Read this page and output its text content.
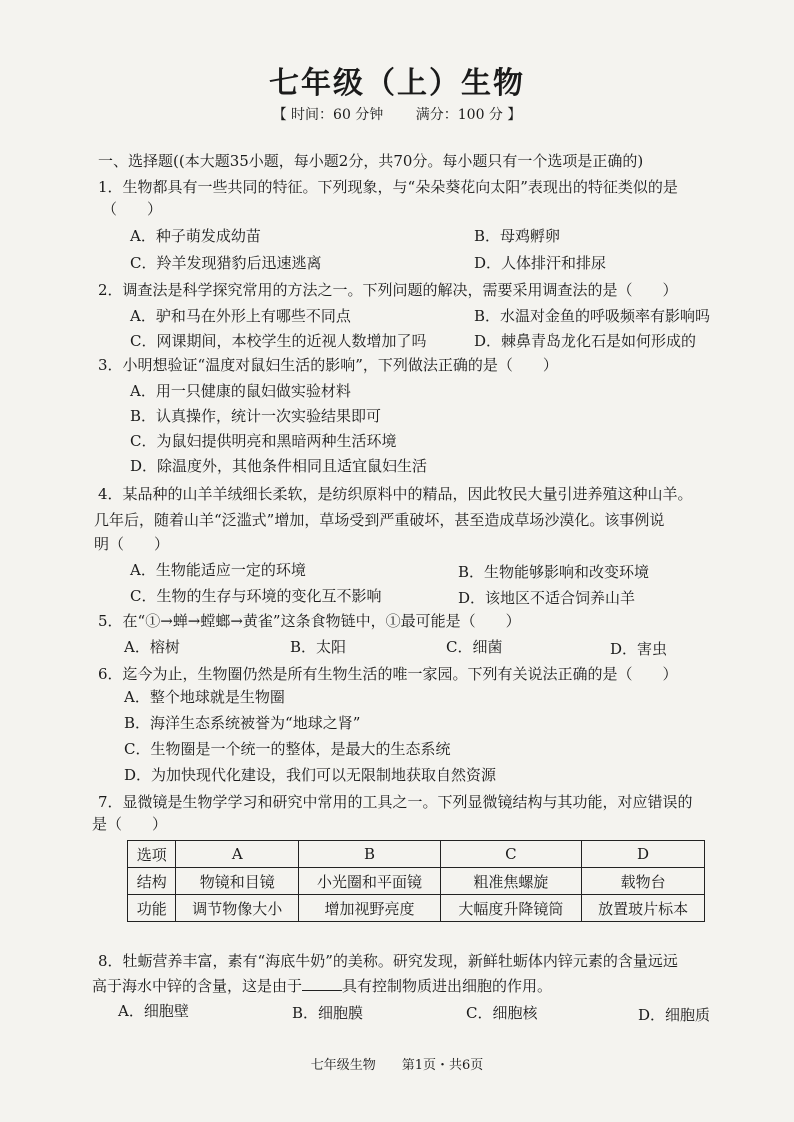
七年级（上）生物
【 时间：60 分钟 满分：100 分 】
一、选择题((本大题35小题，每小题2分，共70分。每小题只有一个选项是正确的)
1．生物都具有一些共同的特征。下列现象，与“朵朵葵花向太阳”表现出的特征类似的是
（　　）
A．种子萌发成幼苗	B．母鸡孵卵
C．羚羊发现猎豹后迅速逃离	D．人体排汗和排尿
2．调查法是科学探究常用的方法之一。下列问题的解决，需要采用调查法的是（　　）
A．驴和马在外形上有哪些不同点	B．水温对金鱼的呼吸频率有影响吗
C．网课期间，本校学生的近视人数增加了吗	D．棘鼻青岛龙化石是如何形成的
3．小明想验证“温度对鼠妇生活的影响”，下列做法正确的是（　　）
A．用一只健康的鼠妇做实验材料
B．认真操作，统计一次实验结果即可
C．为鼠妇提供明亮和黑暗两种生活环境
D．除温度外，其他条件相同且适宜鼠妇生活
4．某品种的山羊羊绒细长柔软，是纺织原料中的精品，因此牧民大量引进养殖这种山羊。
几年后，随着山羊“泛滥式”增加，草场受到严重破坏，甚至造成草场沙漠化。该事例说
明（　　）
A．生物能适应一定的环境	B．生物能够影响和改变环境
C．生物的生存与环境的变化互不影响	D．该地区不适合饲养山羊
5．在“①→蝉→螳螂→黄雀”这条食物链中，①最可能是（　　）
A．榕树	B．太阳	C．细菌	D．害虫
6．迄今为止，生物圈仍然是所有生物生活的唯一家园。下列有关说法正确的是（　　）
A．整个地球就是生物圈
B．海洋生态系统被誉为“地球之肾”
C．生物圈是一个统一的整体，是最大的生态系统
D．为加快现代化建设，我们可以无限制地获取自然资源
7．显微镜是生物学学习和研究中常用的工具之一。下列显微镜结构与其功能，对应错误的
是（　　）
选项	A	B	C	D
结构	物镜和目镜	小光圈和平面镜	粗准焦螺旋	载物台
功能	调节物像大小	增加视野亮度	大幅度升降镜筒	放置玻片标本
8．牡蛎营养丰富，素有“海底牛奶”的美称。研究发现，新鲜牡蛎体内锌元素的含量远远
高于海水中锌的含量，这是由于	具有控制物质进出细胞的作用。
A．细胞壁	B．细胞膜	C．细胞核	D．细胞质
七年级生物　　第1页・共6页
